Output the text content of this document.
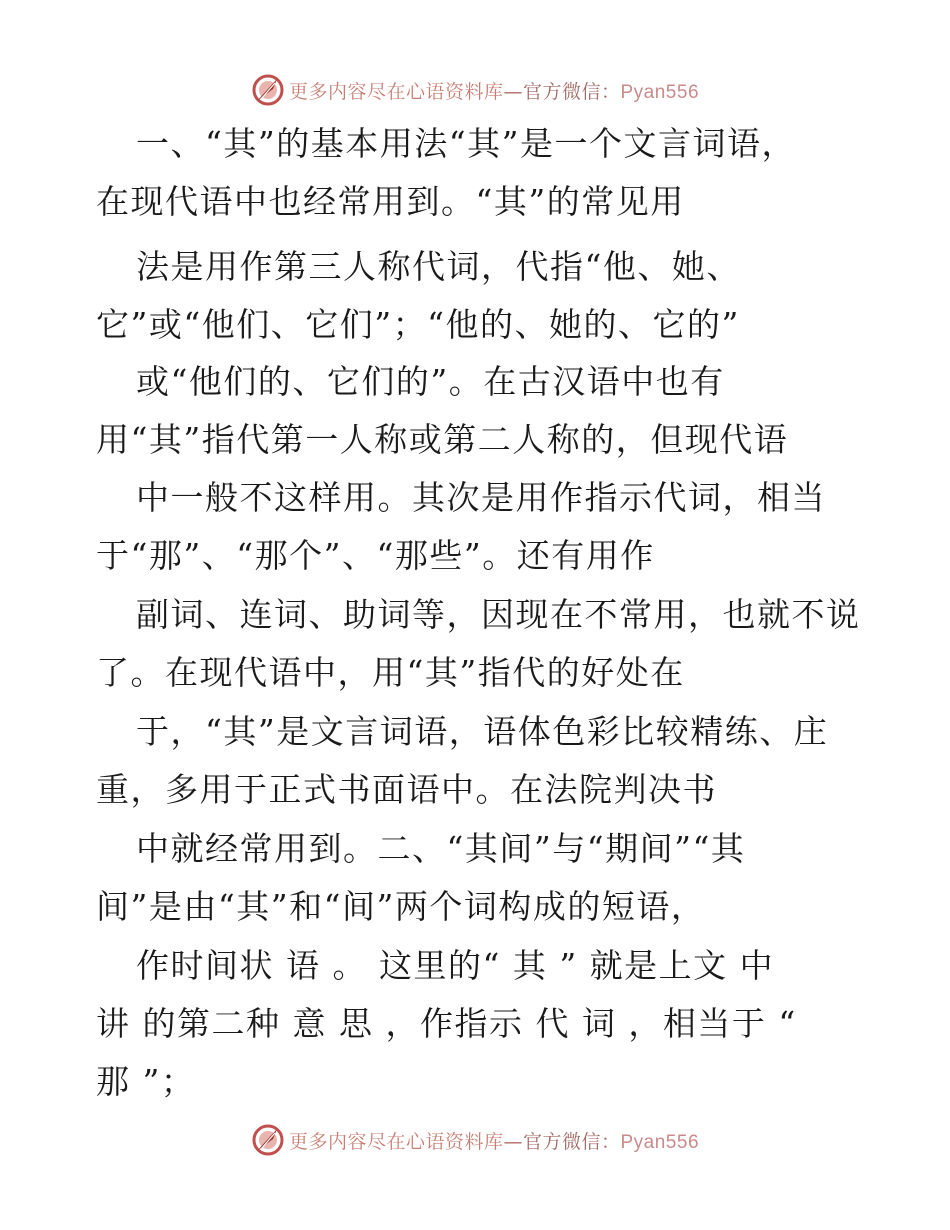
更多内容尽在心语资料库—官方微信：Pyan556
一、“其”的基本用法“其”是一个文言词语，
在现代语中也经常用到。“其”的常见用
法是用作第三人称代词，代指“他、她、
它”或“他们、它们”；“他的、她的、它的”
或“他们的、它们的”。在古汉语中也有
用“其”指代第一人称或第二人称的，但现代语
中一般不这样用。其次是用作指示代词，相当
于“那”、“那个”、“那些”。还有用作
副词、连词、助词等，因现在不常用，也就不说
了。在现代语中，用“其”指代的好处在
于，“其”是文言词语，语体色彩比较精练、庄
重，多用于正式书面语中。在法院判决书
中就经常用到。二、“其间”与“期间”“其
间”是由“其”和“间”两个词构成的短语，
作时间状 语 。 这里的“ 其 ” 就是上文 中
讲 的第二种 意 思 ，作指示 代 词 ，相当于 “
那 ”；
更多内容尽在心语资料库—官方微信：Pyan556
